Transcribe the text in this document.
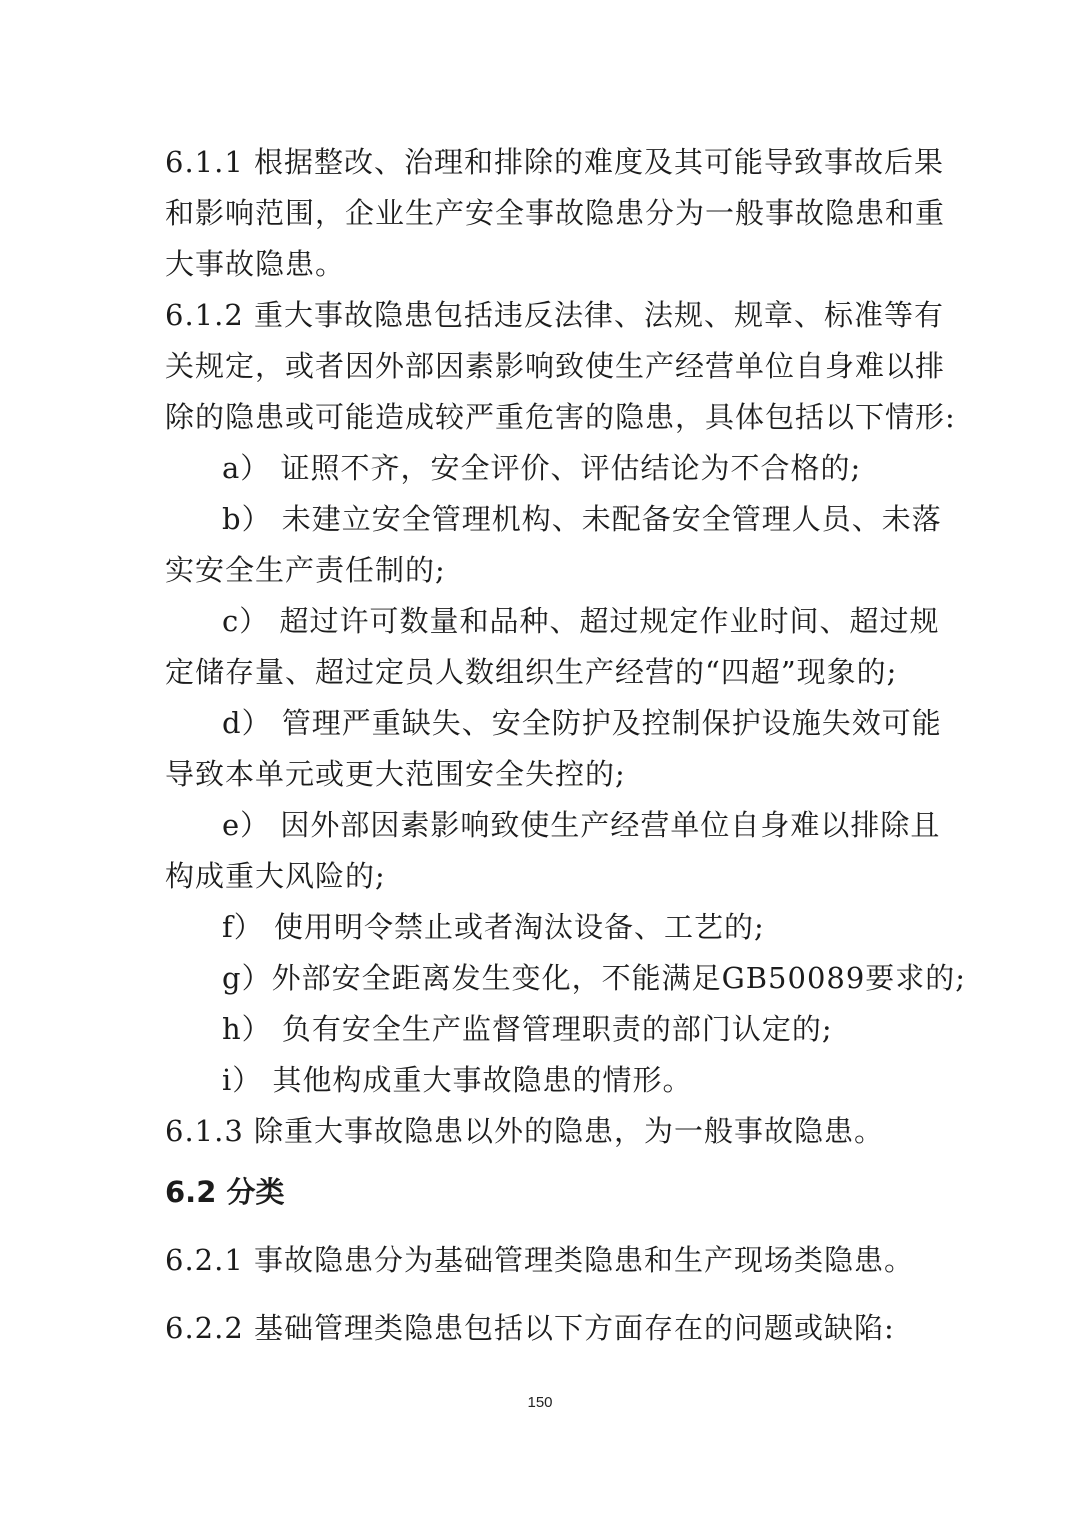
6.1.1 根据整改、治理和排除的难度及其可能导致事故后果
和影响范围，企业生产安全事故隐患分为一般事故隐患和重
大事故隐患。
6.1.2 重大事故隐患包括违反法律、法规、规章、标准等有
关规定，或者因外部因素影响致使生产经营单位自身难以排
除的隐患或可能造成较严重危害的隐患，具体包括以下情形:
a） 证照不齐，安全评价、评估结论为不合格的;
b） 未建立安全管理机构、未配备安全管理人员、未落
实安全生产责任制的;
c） 超过许可数量和品种、超过规定作业时间、超过规
定储存量、超过定员人数组织生产经营的“四超”现象的;
d） 管理严重缺失、安全防护及控制保护设施失效可能
导致本单元或更大范围安全失控的;
e） 因外部因素影响致使生产经营单位自身难以排除且
构成重大风险的;
f） 使用明令禁止或者淘汰设备、工艺的;
g）外部安全距离发生变化，不能满足GB50089要求的;
h） 负有安全生产监督管理职责的部门认定的;
i） 其他构成重大事故隐患的情形。
6.1.3 除重大事故隐患以外的隐患，为一般事故隐患。
6.2 分类
6.2.1 事故隐患分为基础管理类隐患和生产现场类隐患。
6.2.2 基础管理类隐患包括以下方面存在的问题或缺陷:
150
